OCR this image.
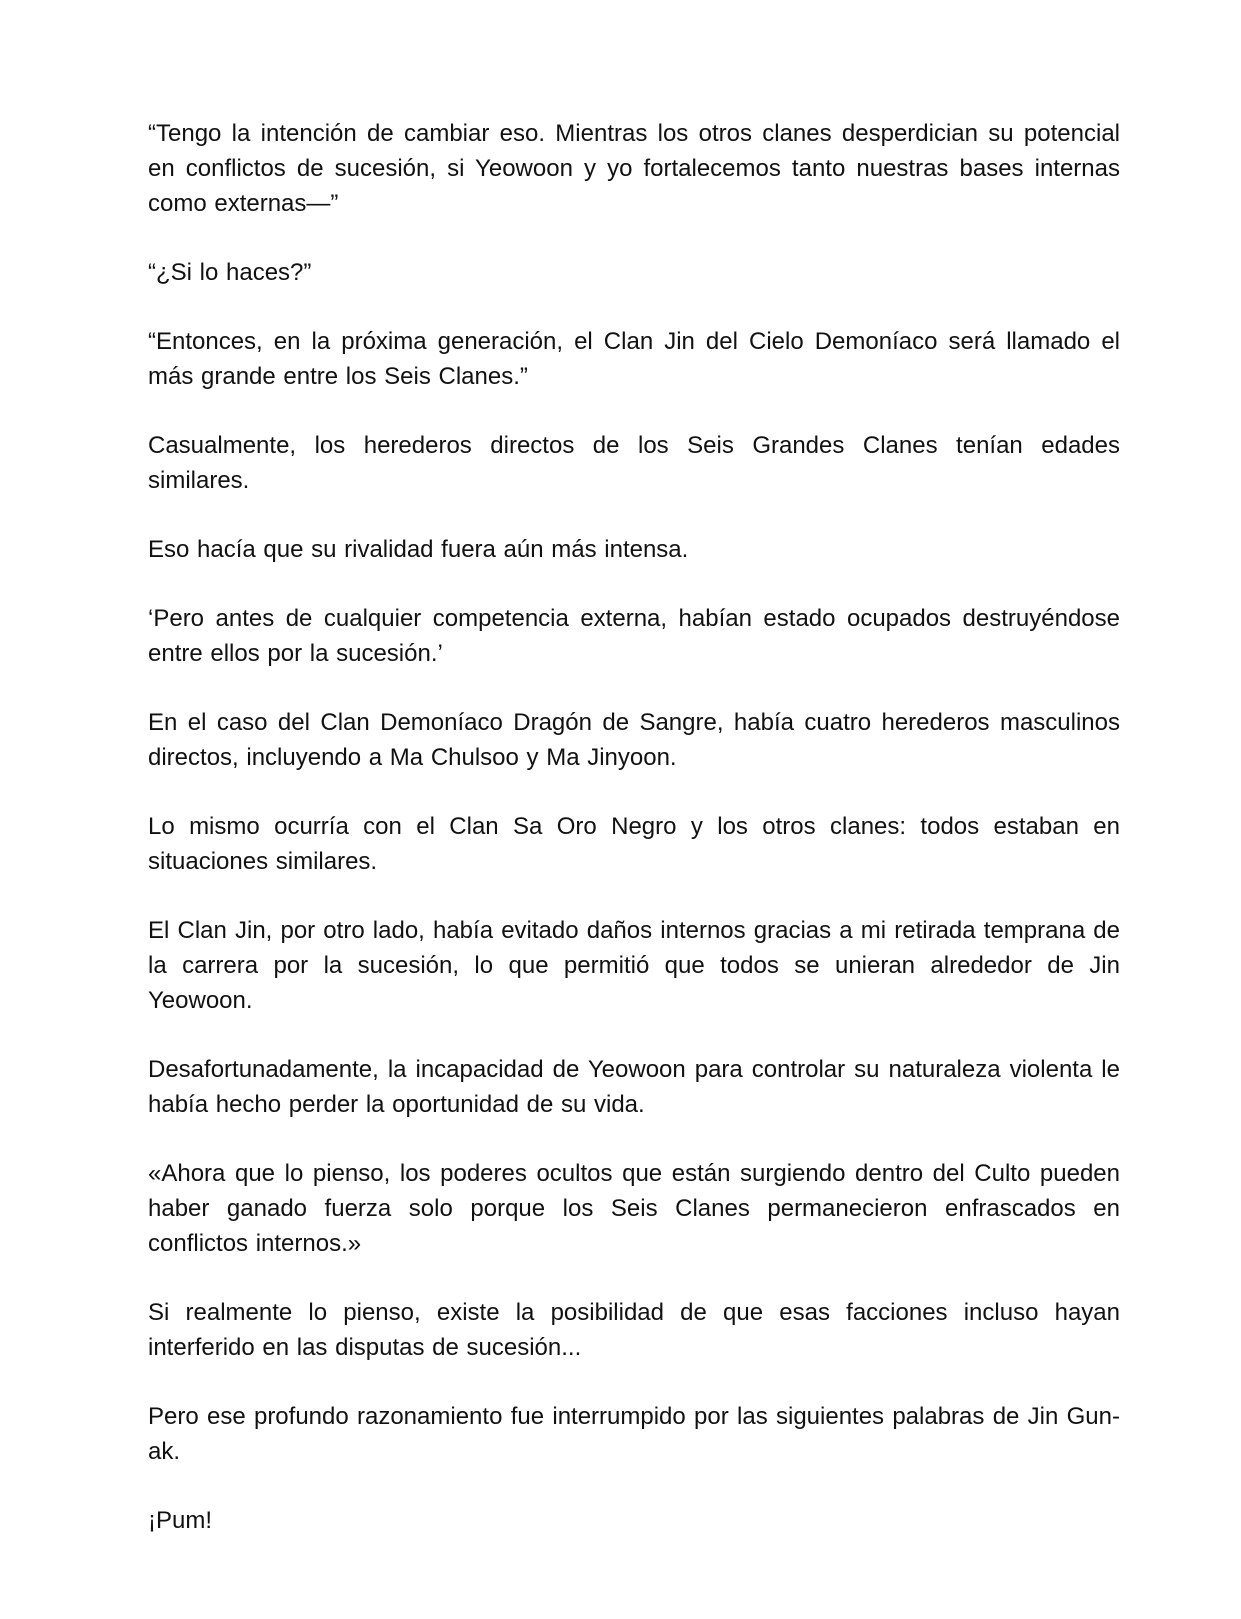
“Tengo la intención de cambiar eso. Mientras los otros clanes desperdician su potencial en conflictos de sucesión, si Yeowoon y yo fortalecemos tanto nuestras bases internas como externas—”

“¿Si lo haces?”

“Entonces, en la próxima generación, el Clan Jin del Cielo Demoníaco será llamado el más grande entre los Seis Clanes.”

Casualmente, los herederos directos de los Seis Grandes Clanes tenían edades similares.

Eso hacía que su rivalidad fuera aún más intensa.

‘Pero antes de cualquier competencia externa, habían estado ocupados destruyéndose entre ellos por la sucesión.’

En el caso del Clan Demoníaco Dragón de Sangre, había cuatro herederos masculinos directos, incluyendo a Ma Chulsoo y Ma Jinyoon.

Lo mismo ocurría con el Clan Sa Oro Negro y los otros clanes: todos estaban en situaciones similares.

El Clan Jin, por otro lado, había evitado daños internos gracias a mi retirada temprana de la carrera por la sucesión, lo que permitió que todos se unieran alrededor de Jin Yeowoon.

Desafortunadamente, la incapacidad de Yeowoon para controlar su naturaleza violenta le había hecho perder la oportunidad de su vida.

«Ahora que lo pienso, los poderes ocultos que están surgiendo dentro del Culto pueden haber ganado fuerza solo porque los Seis Clanes permanecieron enfrascados en conflictos internos.»

Si realmente lo pienso, existe la posibilidad de que esas facciones incluso hayan interferido en las disputas de sucesión...

Pero ese profundo razonamiento fue interrumpido por las siguientes palabras de Jin Gun-ak.

¡Pum!
